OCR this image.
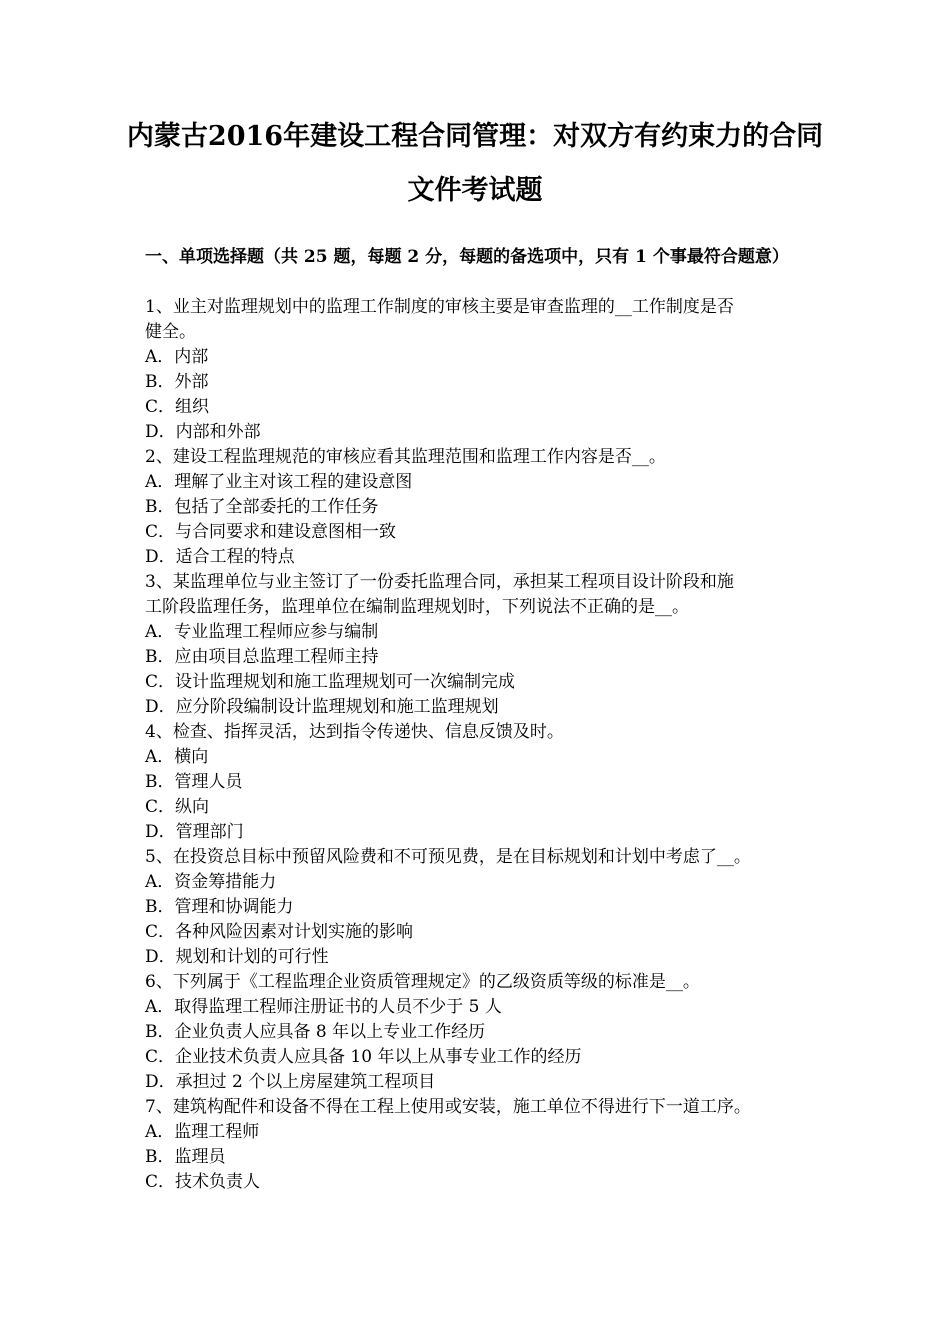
内蒙古2016年建设工程合同管理：对双方有约束力的合同
文件考试题
一、单项选择题（共 25 题，每题 2 分，每题的备选项中，只有 1 个事最符合题意）
1、业主对监理规划中的监理工作制度的审核主要是审查监理的__工作制度是否
健全。
A．内部
B．外部
C．组织
D．内部和外部
2、建设工程监理规范的审核应看其监理范围和监理工作内容是否__。
A．理解了业主对该工程的建设意图
B．包括了全部委托的工作任务
C．与合同要求和建设意图相一致
D．适合工程的特点
3、某监理单位与业主签订了一份委托监理合同，承担某工程项目设计阶段和施
工阶段监理任务，监理单位在编制监理规划时，下列说法不正确的是__。
A．专业监理工程师应参与编制
B．应由项目总监理工程师主持
C．设计监理规划和施工监理规划可一次编制完成
D．应分阶段编制设计监理规划和施工监理规划
4、检查、指挥灵活，达到指令传递快、信息反馈及时。
A．横向
B．管理人员
C．纵向
D．管理部门
5、在投资总目标中预留风险费和不可预见费，是在目标规划和计划中考虑了__。
A．资金筹措能力
B．管理和协调能力
C．各种风险因素对计划实施的影响
D．规划和计划的可行性
6、下列属于《工程监理企业资质管理规定》的乙级资质等级的标准是__。
A．取得监理工程师注册证书的人员不少于 5 人
B．企业负责人应具备 8 年以上专业工作经历
C．企业技术负责人应具备 10 年以上从事专业工作的经历
D．承担过 2 个以上房屋建筑工程项目
7、建筑构配件和设备不得在工程上使用或安装，施工单位不得进行下一道工序。
A．监理工程师
B．监理员
C．技术负责人
